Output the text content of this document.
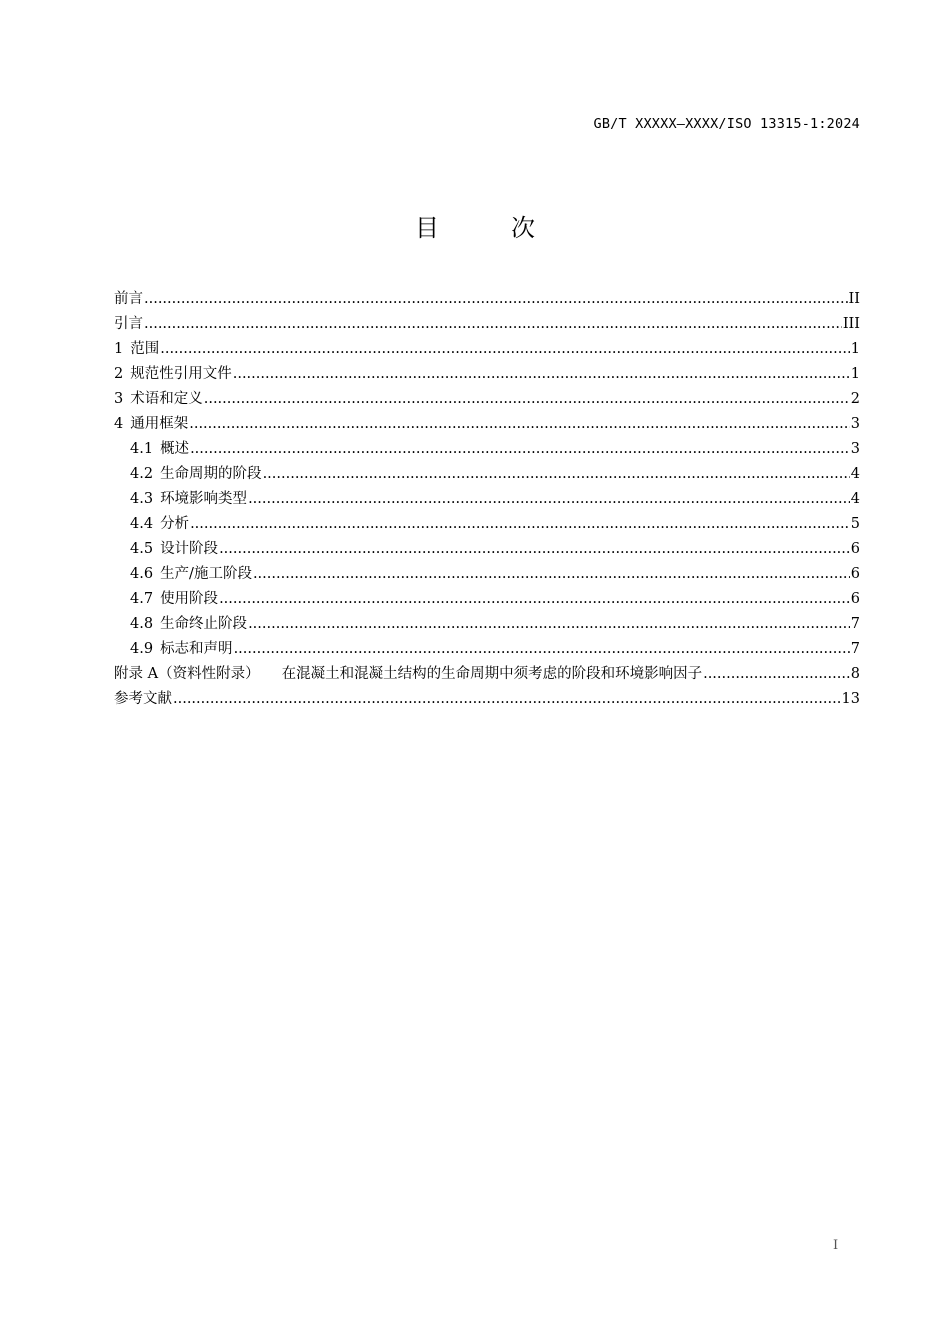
GB/T XXXXX—XXXX/ISO 13315-1:2024
目　次
前言 .....	II
引言 .....	III
1 范围 .....	1
2 规范性引用文件 .....	1
3 术语和定义 .....	2
4 通用框架 .....	3
4.1 概述 .....	3
4.2 生命周期的阶段 .....	4
4.3 环境影响类型 .....	4
4.4 分析 .....	5
4.5 设计阶段 .....	6
4.6 生产/施工阶段 .....	6
4.7 使用阶段 .....	6
4.8 生命终止阶段 .....	7
4.9 标志和声明 .....	7
附录 A（资料性附录） 在混凝土和混凝土结构的生命周期中须考虑的阶段和环境影响因子 .....	8
参考文献 .....	13
I
